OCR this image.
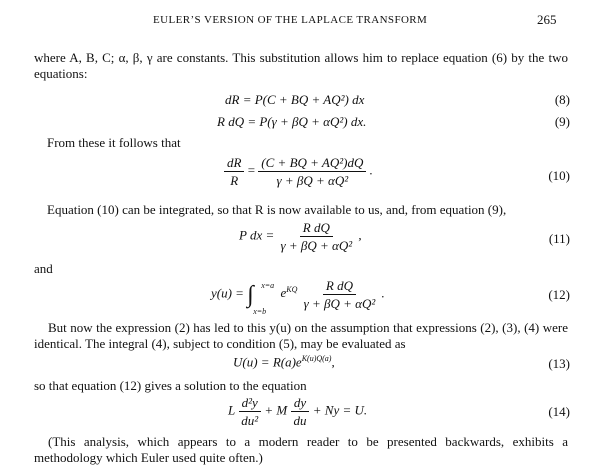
EULER’S VERSION OF THE LAPLACE TRANSFORM	265
where A, B, C; α, β, γ are constants. This substitution allows him to replace equation (6) by the two equations:
dR = P(C + BQ + AQ²) dx	(8)
R dQ = P(γ + βQ + αQ²) dx.	(9)
From these it follows that
$\frac{dR}{R} = \frac{\text{(C + BQ + AQ²)dQ}}{\text{γ + βQ + αQ²}}$ .	(10)
Equation (10) can be integrated, so that R is now available to us, and, from equation (9),
P dx = $\frac{\text{R dQ}}{\text{γ + βQ + αQ²}}$ ,	(11)
and
y(u) = ∫ x=a
x=b
$e^{KQ} \frac{\text{R dQ}}{\text{γ + βQ + αQ²}}$ .	(12)
But now the expression (2) has led to this y(u) on the assumption that expressions (2), (3), (4) were identical. The integral (4), subject to condition (5), may be evaluated as
$U(u) = R(a)e^{K(u)Q(a)}$,	(13)
so that equation (12) gives a solution to the equation
L $\frac{\text{d²y}}{\text{du²}} + M \frac{dy}{du} + Ny = U$.	(14)
(This analysis, which appears to a modern reader to be presented backwards, exhibits a methodology which Euler used quite often.)
